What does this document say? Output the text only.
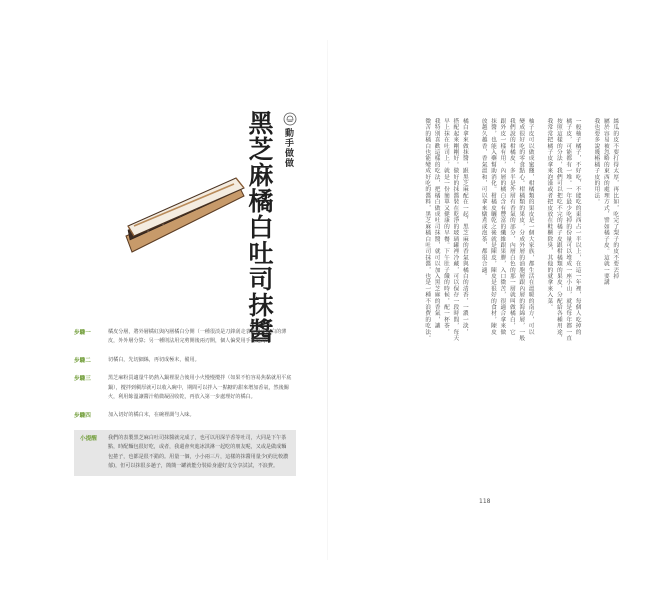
動手做做
黑芝麻橘白吐司抹醬
步驟一	橘皮分層，將外層橘紅與內層橘白分開（一種很淡是刀鋒刮走表面最皮的白的薄皮，外外層分算；另一種則法用完剪開後兩刃開，個人偏愛用手塞進刀）
步驟二	切橘白，先切細絲，再切成極末，備用。
步驟三	黑芝麻粉買適量牛奶熱入鍋裡混合後用小火慢慢攪拌（如果不怕容易焦黏就用平底鍋），攪拌到稠厚就可以收入碗中，期間可以拌入一點糖的甜來增加香氣，然後關火，利用餘溫讓醬汁稍微凝固收乾，再放入第一步處理好的橘白。
步驟四	加入切好的橘白末，在碗裡調勻入味。
小提醒 我們的表製黑芝麻白吐司抹醬就完成了，也可以用深芋香等吐司，大同是下午茶點，時配麵包很好吃，或者，我還會夾進冰淇淋一起吃的朋友呢，又或是做成麵包捲子，也都是很不錯的。用量一個，小小兩三片，這樣的抹醬用量少(約比較濃郁)，但可以抹很多趟子，簡簡一罐就能分裝給身邊好友分享試試，不浪費。
絲瓜的皮不要打得太厚，再比如，吃完了梨子的皮不要丟掉
屬於容易被忽略的東西的處理方式，譬如橘子皮。這就一要講
我也要多說幾樁橘子皮的用法。
一般柚子橘子，不好吃，不能吃的東西占一半以上，在這一年裡，每個人吃掉的
橘子皮，可能都有一堆。一年最少吃掉的份量可以堆成一座小山，就是每年都一直
按照這樣的分法，我們可以把吃不完的橘子皮跟柑橘類的果皮，分配給各種用途，
我常常把橘子皮拿來泡澡或者把皮放在鞋櫃除臭，其他的就拿來入菜。
柚子皮可以做成蜜餞，柑橘類的果皮是一個大家族，都生活在溫暖的南方，可以
變成很好吃的零食點心。柑橘類的果皮，分成外層的油胞層跟內層的海綿層，一般
我們說的柑橘皮，多半是外層有香氣的部分，內層白色的那一層就叫做橘白，它
跟外皮一樣有用，內層的橘白含有豐富的纖維跟果膠，入口微苦，很適合拿來做
抹醬，也能入藥幫助消化。柑橘皮曬乾之後就是陳皮，陳皮是很好的食材，陳皮
放越久越香，香氣溫和，可以拿來燉煮或泡茶，都很合適。
橘白拿來做抹醬，跟黑芝麻配在一起，黑芝麻的香氣與橘白的清香，一濃一淡，
搭配起來剛剛好。做好的抹醬裝在乾淨的玻璃罐裡冷藏，可以保存一段時間，每天
早上抹在吐司上，就是一份簡單又健康的早餐。下午肚子餓的時候，配一杯茶，
我特別喜歡這樣的吃法，把橘白做成吐司抹醬，就可以加入黑芝麻的香氣，讓
微苦的橘白也能變成好吃的醬料，黑芝麻橘白吐司抹醬，也是一種不浪費的吃法。
118
